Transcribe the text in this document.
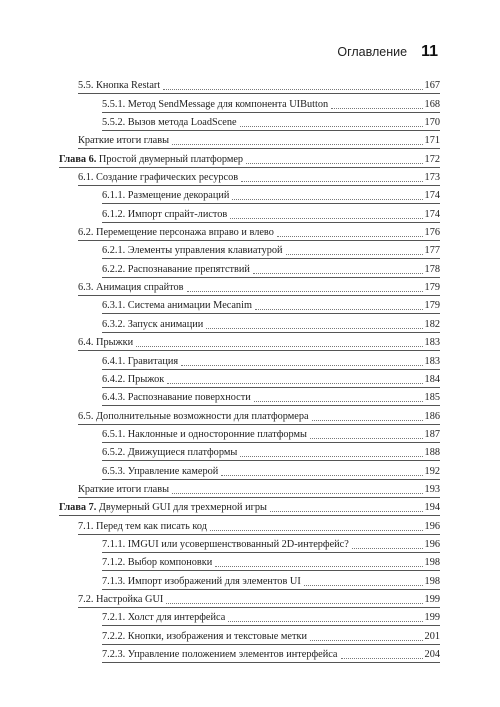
Оглавление 11
5.5. Кнопка Restart	167
5.5.1. Метод SendMessage для компонента UIButton	168
5.5.2. Вызов метода LoadScene	170
Краткие итоги главы	171
Глава 6. Простой двумерный платформер	172
6.1. Создание графических ресурсов	173
6.1.1. Размещение декораций	174
6.1.2. Импорт спрайт-листов	174
6.2. Перемещение персонажа вправо и влево	176
6.2.1. Элементы управления клавиатурой	177
6.2.2. Распознавание препятствий	178
6.3. Анимация спрайтов	179
6.3.1. Система анимации Mecanim	179
6.3.2. Запуск анимации	182
6.4. Прыжки	183
6.4.1. Гравитация	183
6.4.2. Прыжок	184
6.4.3. Распознавание поверхности	185
6.5. Дополнительные возможности для платформера	186
6.5.1. Наклонные и односторонние платформы	187
6.5.2. Движущиеся платформы	188
6.5.3. Управление камерой	192
Краткие итоги главы	193
Глава 7. Двумерный GUI для трехмерной игры	194
7.1. Перед тем как писать код	196
7.1.1. IMGUI или усовершенствованный 2D-интерфейс?	196
7.1.2. Выбор компоновки	198
7.1.3. Импорт изображений для элементов UI	198
7.2. Настройка GUI	199
7.2.1. Холст для интерфейса	199
7.2.2. Кнопки, изображения и текстовые метки	201
7.2.3. Управление положением элементов интерфейса	204
